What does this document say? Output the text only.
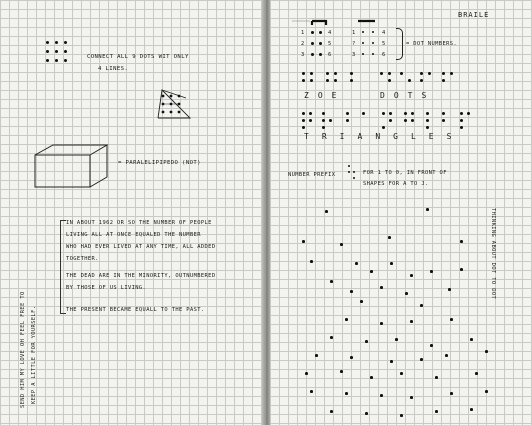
CONNECT ALL 9 DOTS WIT ONLY
4 LINES.
= PARALELIPIPEDO (NOT)
IN ABOUT 1962 OR SO THE NUMBER OF PEOPLE
LIVING ALL AT ONCE EQUALED THE NUMBER
WHO HAD EVER LIVED AT ANY TIME, ALL ADDED
TOGETHER.
THE DEAD ARE IN THE MINORITY, OUTNUMBERED
BY THOSE OF US LIVING.
THE PRESENT BECAME EQUALL TO THE PAST.
SEND HIM MY LOVE OH FEEL FREE TO KEEP A LITTLE FOR YOURSELF.
BRAILE
1	4
2	5
3	6
1	4
?	5
3	6
= DOT NUMBERS.
ZOE	DOTS
TRIANGLES
NUMBER PREFIX	FOR 1 TO 0, IN FRONT OF
SHAPES FOR A TO J.
THINKING ABOUT DOT TO DOT
